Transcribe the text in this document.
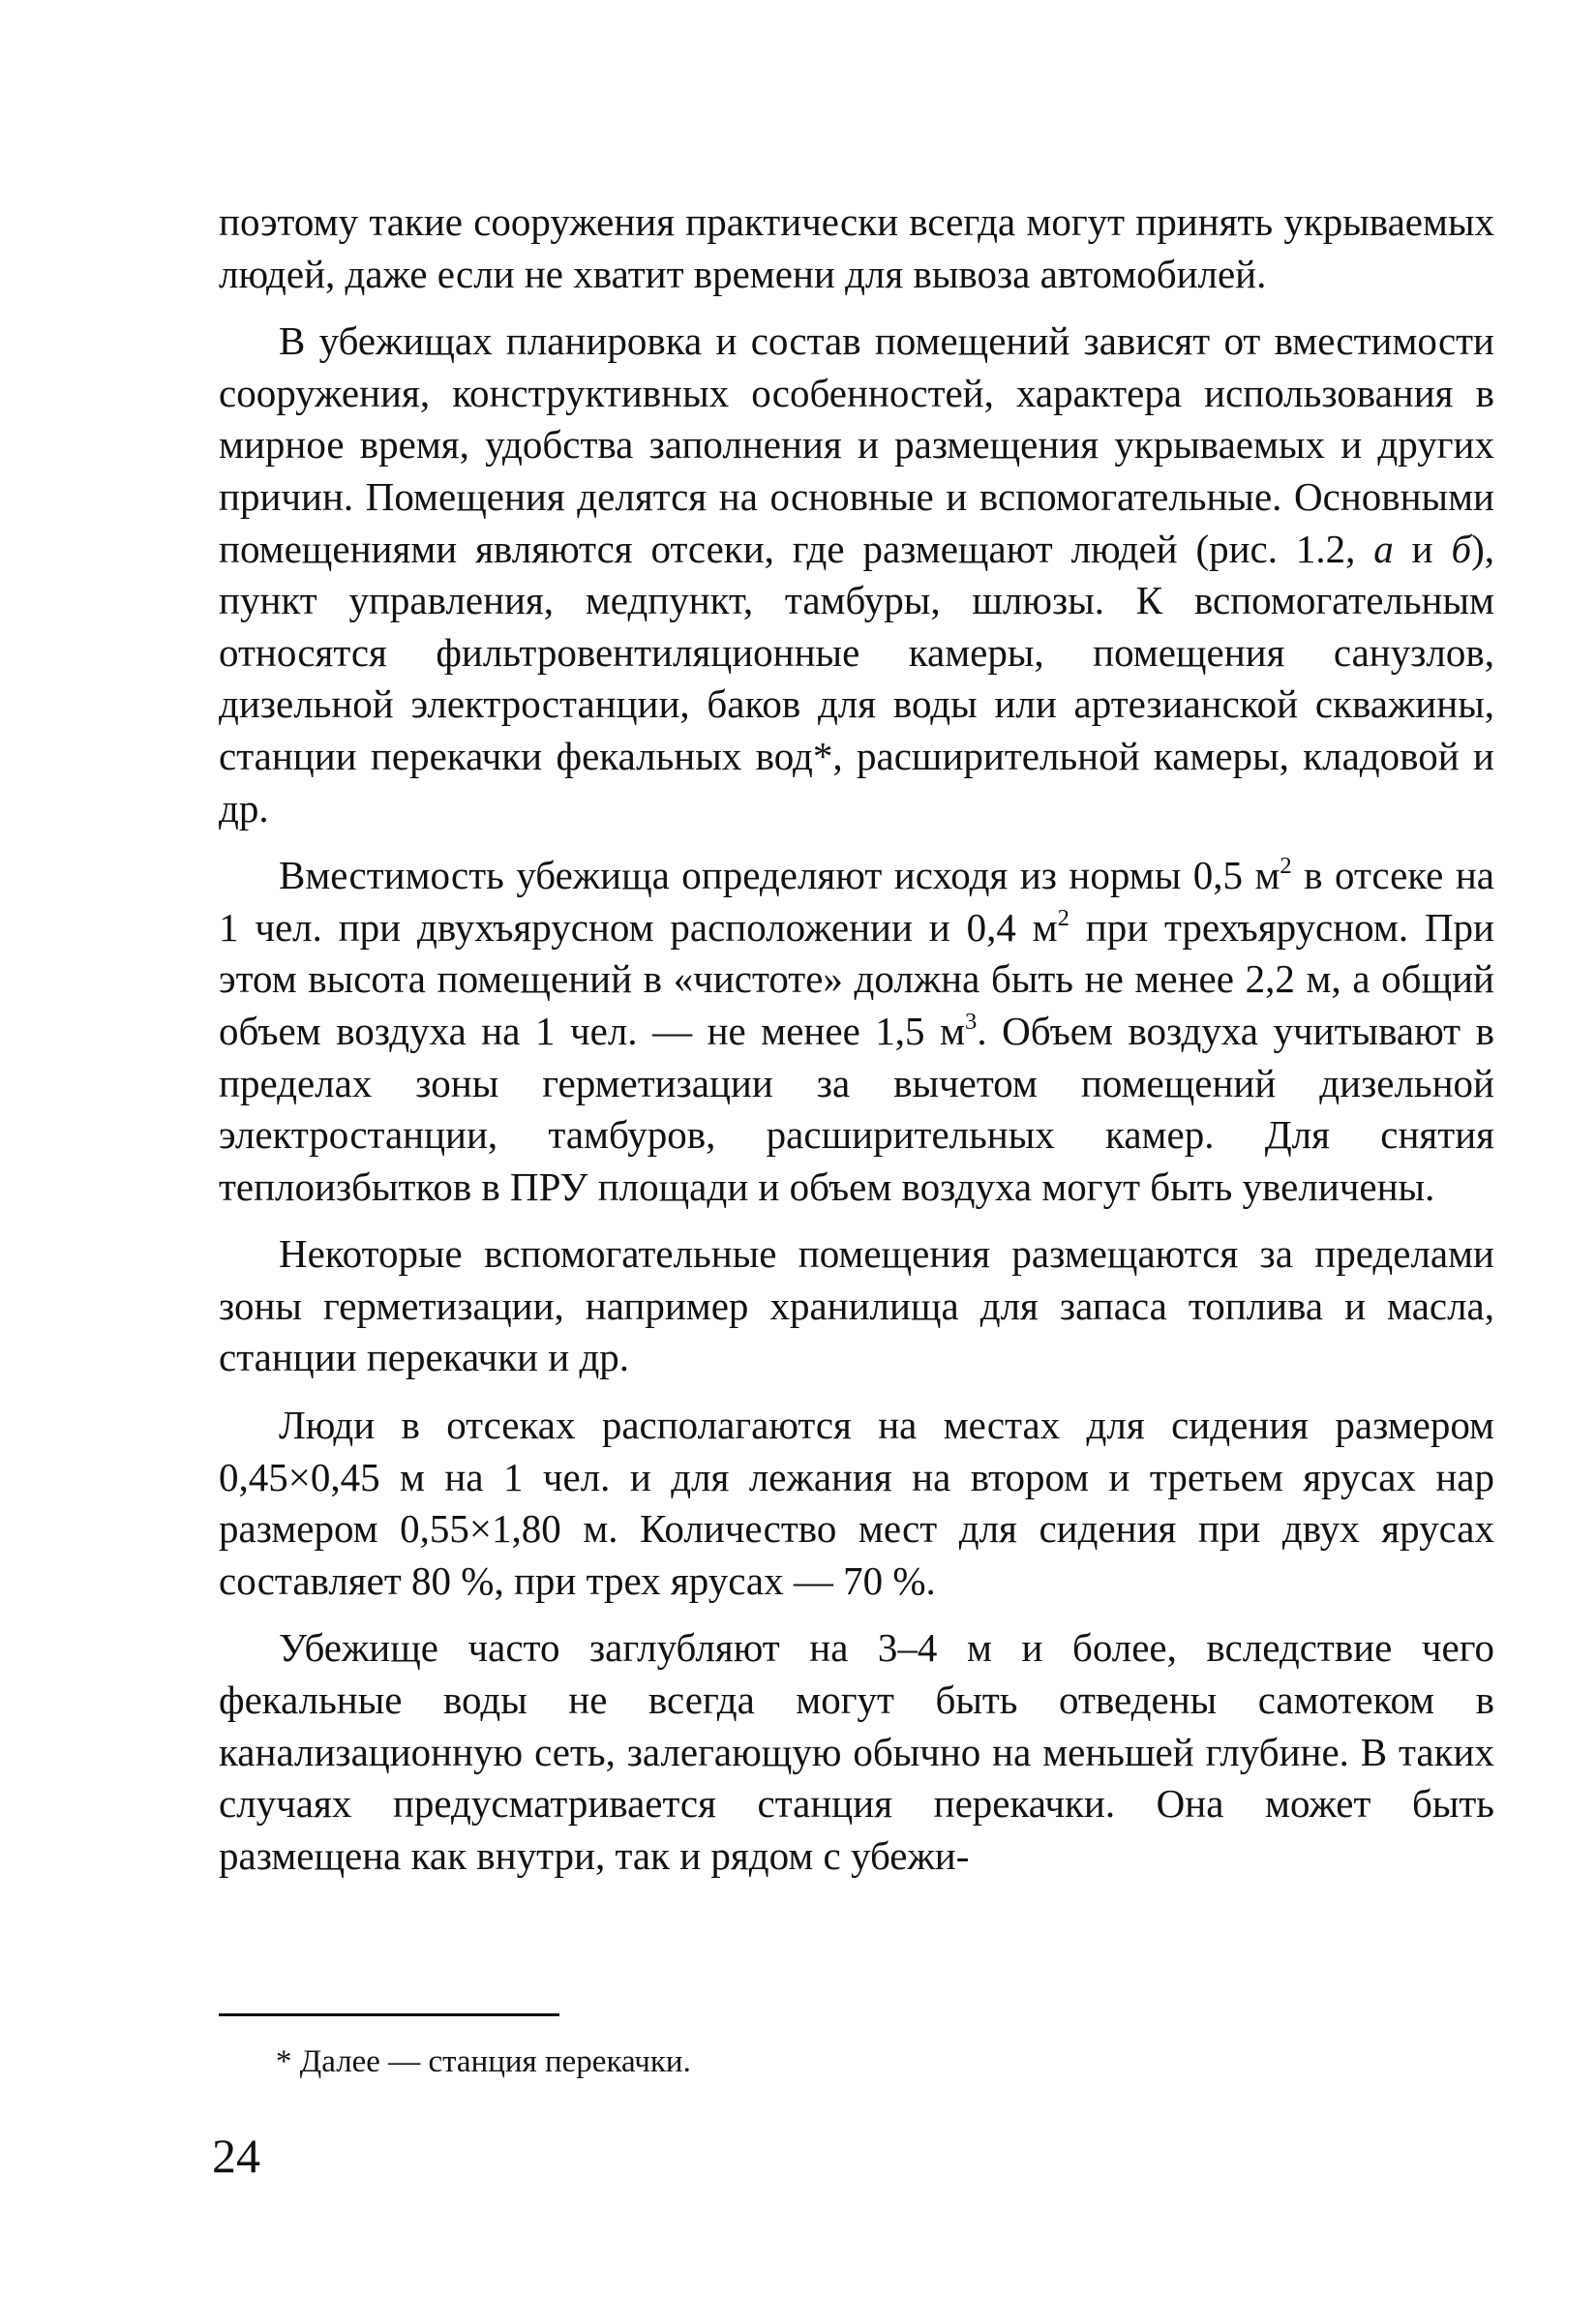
поэтому такие сооружения практически всегда могут принять укрываемых людей, даже если не хватит времени для вывоза автомобилей.

В убежищах планировка и состав помещений зависят от вместимости сооружения, конструктивных особенностей, характера использования в мирное время, удобства заполнения и размещения укрываемых и других причин. Помещения делятся на основные и вспомогательные. Основными помещениями являются отсеки, где размещают людей (рис. 1.2, а и б), пункт управления, медпункт, тамбуры, шлюзы. К вспомогательным относятся фильтровентиляционные камеры, помещения санузлов, дизельной электростанции, баков для воды или артезианской скважины, станции перекачки фекальных вод*, расширительной камеры, кладовой и др.

Вместимость убежища определяют исходя из нормы 0,5 $м^2$ в отсеке на 1 чел. при двухъярусном расположении и 0,4 $м^2$ при трехъярусном. При этом высота помещений в «чистоте» должна быть не менее 2,2 м, а общий объем воздуха на 1 чел. — не менее 1,5 $м^3$. Объем воздуха учитывают в пределах зоны герметизации за вычетом помещений дизельной электростанции, тамбуров, расширительных камер. Для снятия теплоизбытков в ПРУ площади и объем воздуха могут быть увеличены.

Некоторые вспомогательные помещения размещаются за пределами зоны герметизации, например хранилища для запаса топлива и масла, станции перекачки и др.

Люди в отсеках располагаются на местах для сидения размером 0,45×0,45 м на 1 чел. и для лежания на втором и третьем ярусах нар размером 0,55×1,80 м. Количество мест для сидения при двух ярусах составляет 80 %, при трех ярусах — 70 %.

Убежище часто заглубляют на 3–4 м и более, вследствие чего фекальные воды не всегда могут быть отведены самотеком в канализационную сеть, залегающую обычно на меньшей глубине. В таких случаях предусматривается станция перекачки. Она может быть размещена как внутри, так и рядом с убежи-

* Далее — станция перекачки.
24
